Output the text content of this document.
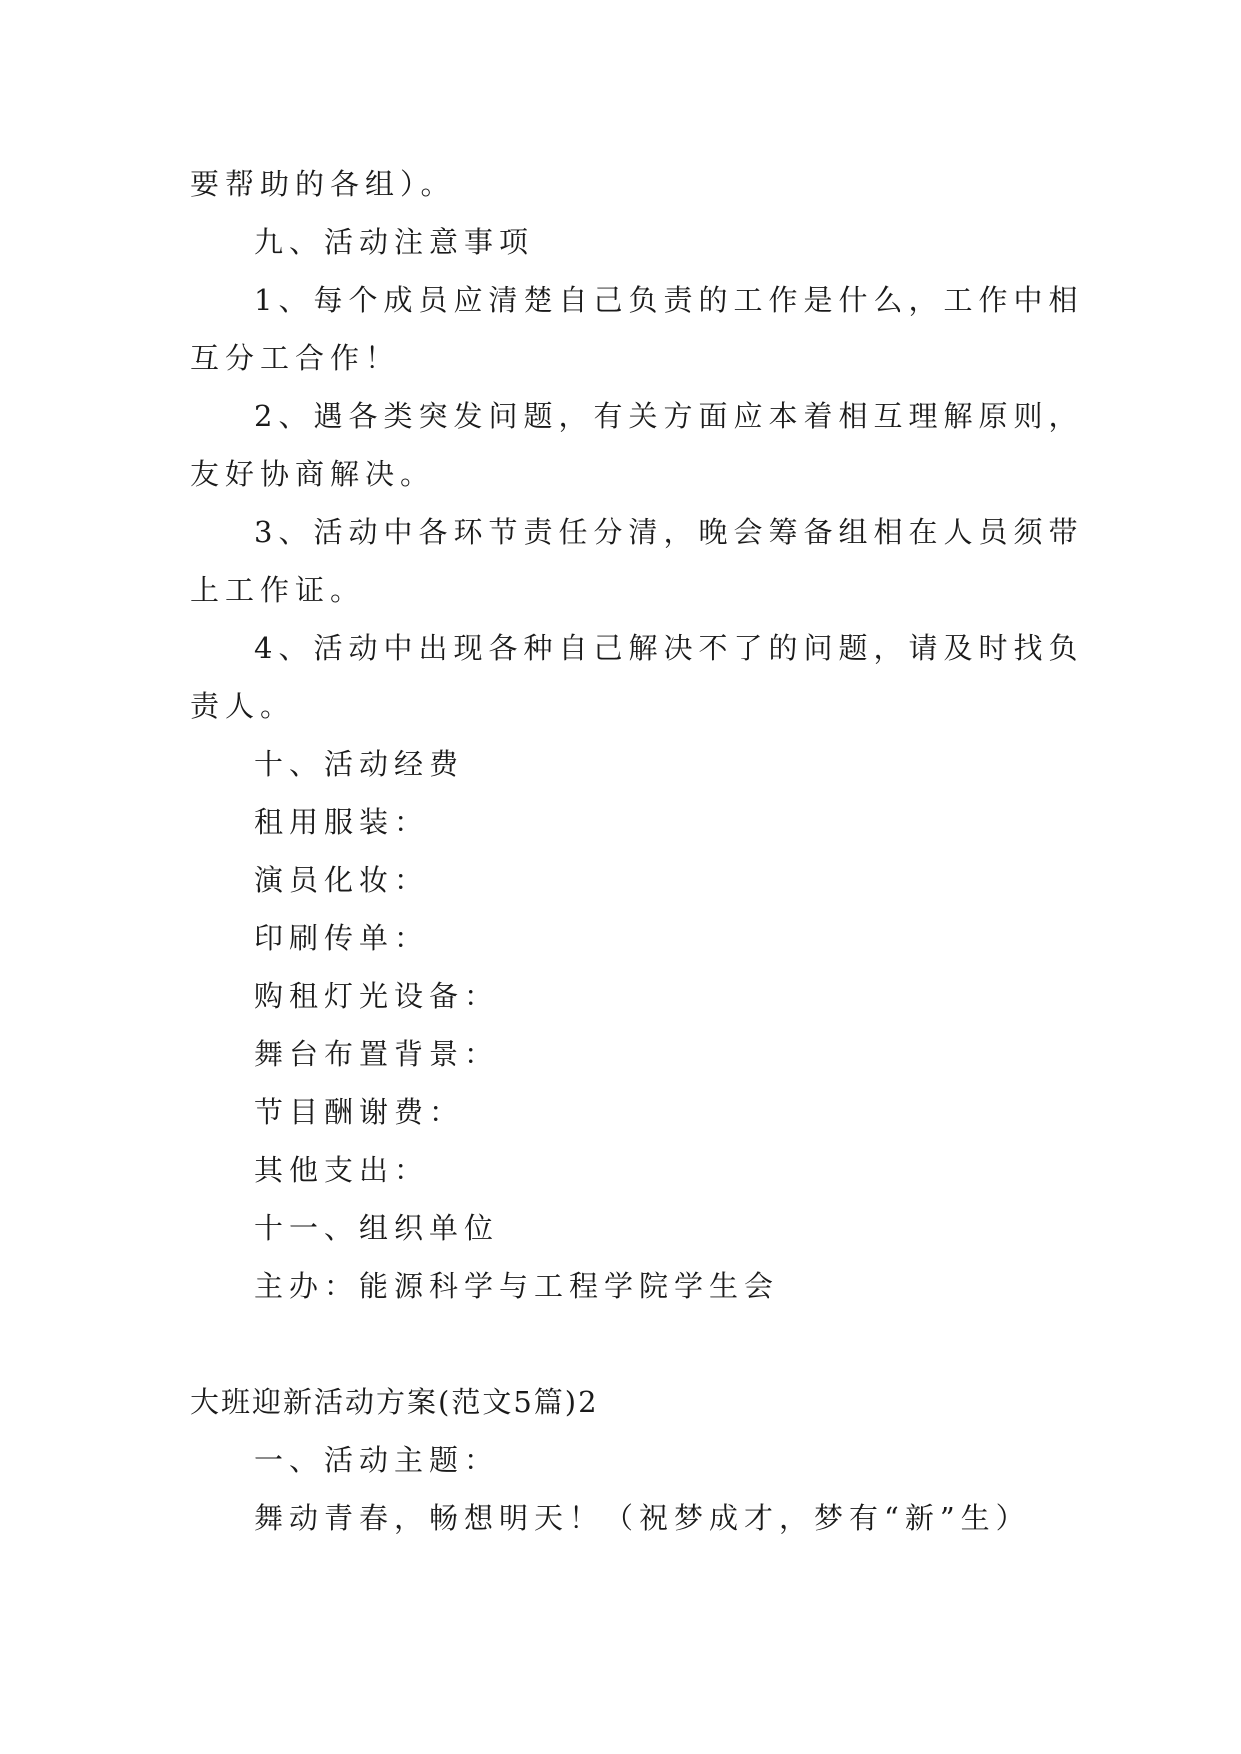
要帮助的各组）。
九、活动注意事项
1、每个成员应清楚自己负责的工作是什么，工作中相
互分工合作！
2、遇各类突发问题，有关方面应本着相互理解原则，
友好协商解决。
3、活动中各环节责任分清，晚会筹备组相在人员须带
上工作证。
4、活动中出现各种自己解决不了的问题，请及时找负
责人。
十、活动经费
租用服装：
演员化妆：
印刷传单：
购租灯光设备：
舞台布置背景：
节目酬谢费：
其他支出：
十一、组织单位
主办：能源科学与工程学院学生会
大班迎新活动方案(范文5篇)2
一、活动主题：
舞动青春，畅想明天！（祝梦成才，梦有“新”生）
